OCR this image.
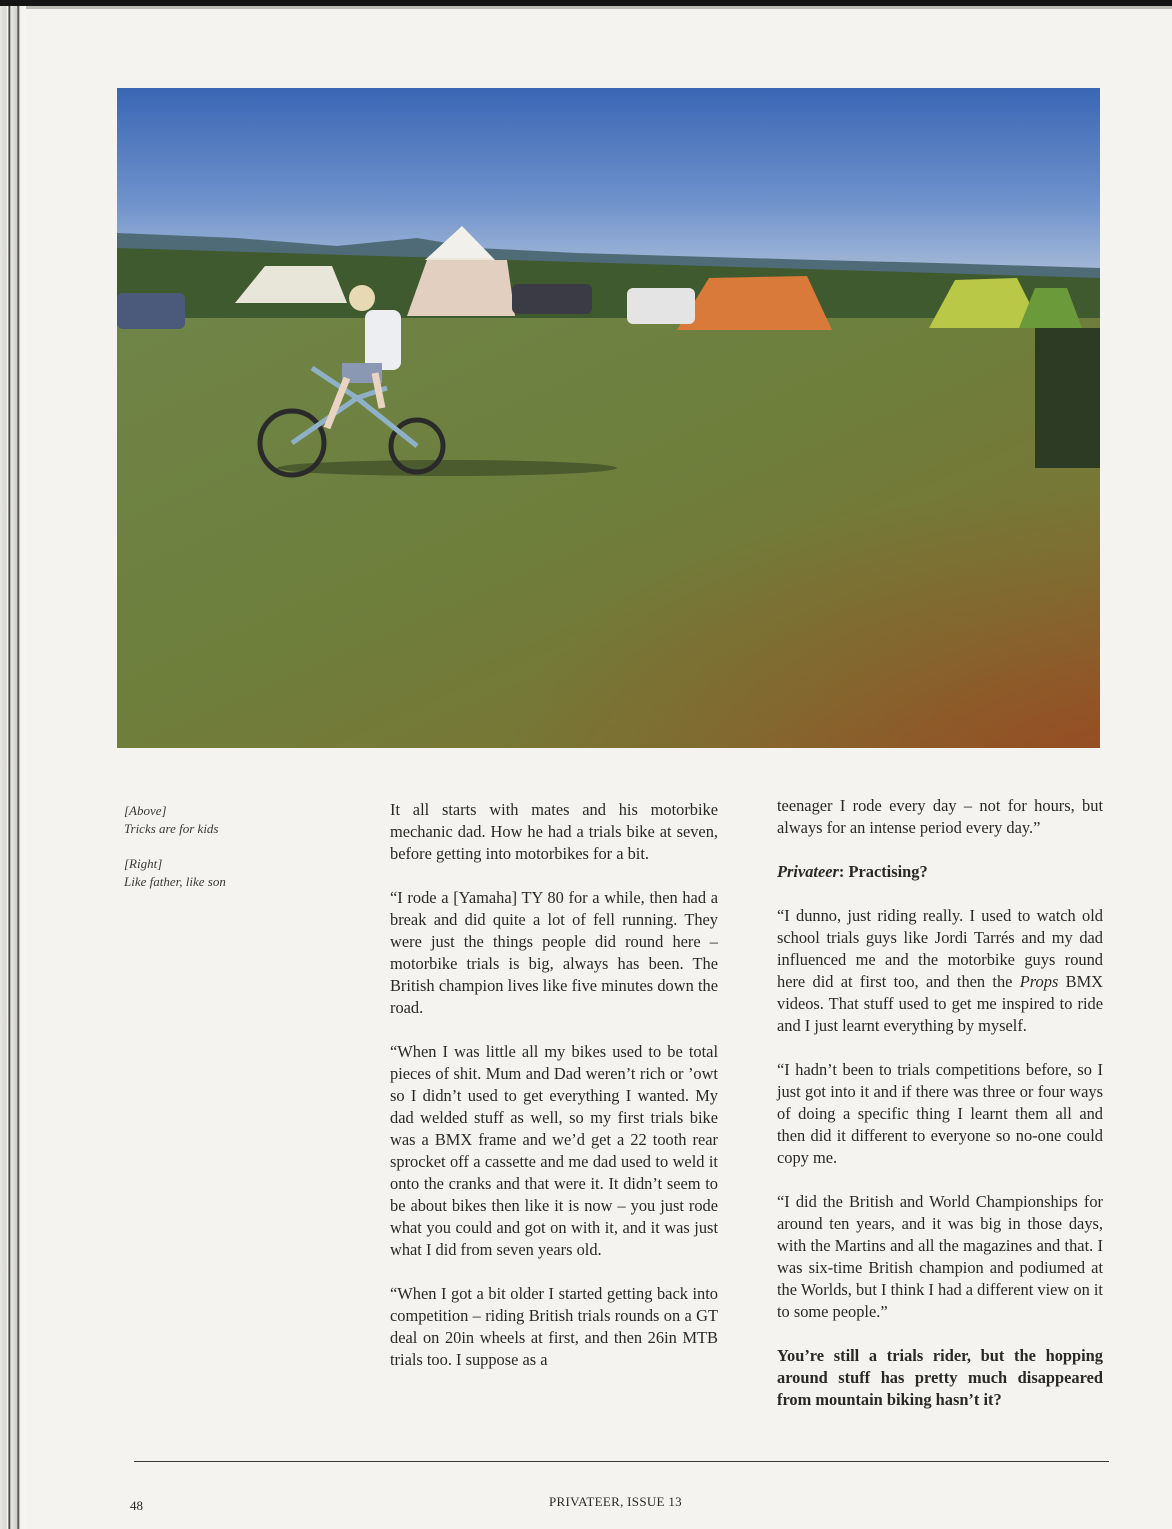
[Above]
Tricks are for kids

[Right]
Like father, like son

It all starts with mates and his motorbike mechanic dad. How he had a trials bike at seven, before getting into motorbikes for a bit.

“I rode a [Yamaha] TY 80 for a while, then had a break and did quite a lot of fell running. They were just the things people did round here – motorbike trials is big, always has been. The British champion lives like five minutes down the road.

“When I was little all my bikes used to be total pieces of shit. Mum and Dad weren’t rich or ’owt so I didn’t used to get everything I wanted. My dad welded stuff as well, so my first trials bike was a BMX frame and we’d get a 22 tooth rear sprocket off a cassette and me dad used to weld it onto the cranks and that were it. It didn’t seem to be about bikes then like it is now – you just rode what you could and got on with it, and it was just what I did from seven years old.

“When I got a bit older I started getting back into competition – riding British trials rounds on a GT deal on 20in wheels at first, and then 26in MTB trials too. I suppose as a

teenager I rode every day – not for hours, but always for an intense period every day.”

Privateer: Practising?

“I dunno, just riding really. I used to watch old school trials guys like Jordi Tarrés and my dad influenced me and the motorbike guys round here did at first too, and then the Props BMX videos. That stuff used to get me inspired to ride and I just learnt everything by myself.

“I hadn’t been to trials competitions before, so I just got into it and if there was three or four ways of doing a specific thing I learnt them all and then did it different to everyone so no-one could copy me.

“I did the British and World Championships for around ten years, and it was big in those days, with the Martins and all the magazines and that. I was six-time British champion and podiumed at the Worlds, but I think I had a different view on it to some people.”

You’re still a trials rider, but the hopping around stuff has pretty much disappeared from mountain biking hasn’t it?

48	PRIVATEER, ISSUE 13
